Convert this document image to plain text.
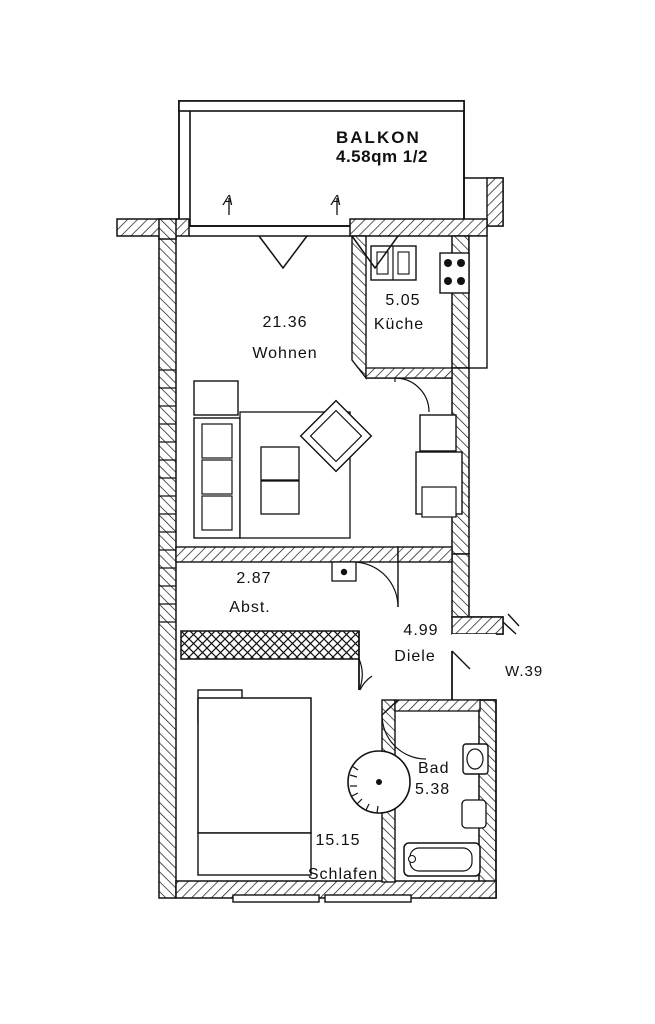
BALKON
4.58qm 1/2
21.36
Wohnen
5.05
Küche
2.87
Abst.
4.99
Diele
Bad
5.38
15.15
Schlafen
W.39
A	A
